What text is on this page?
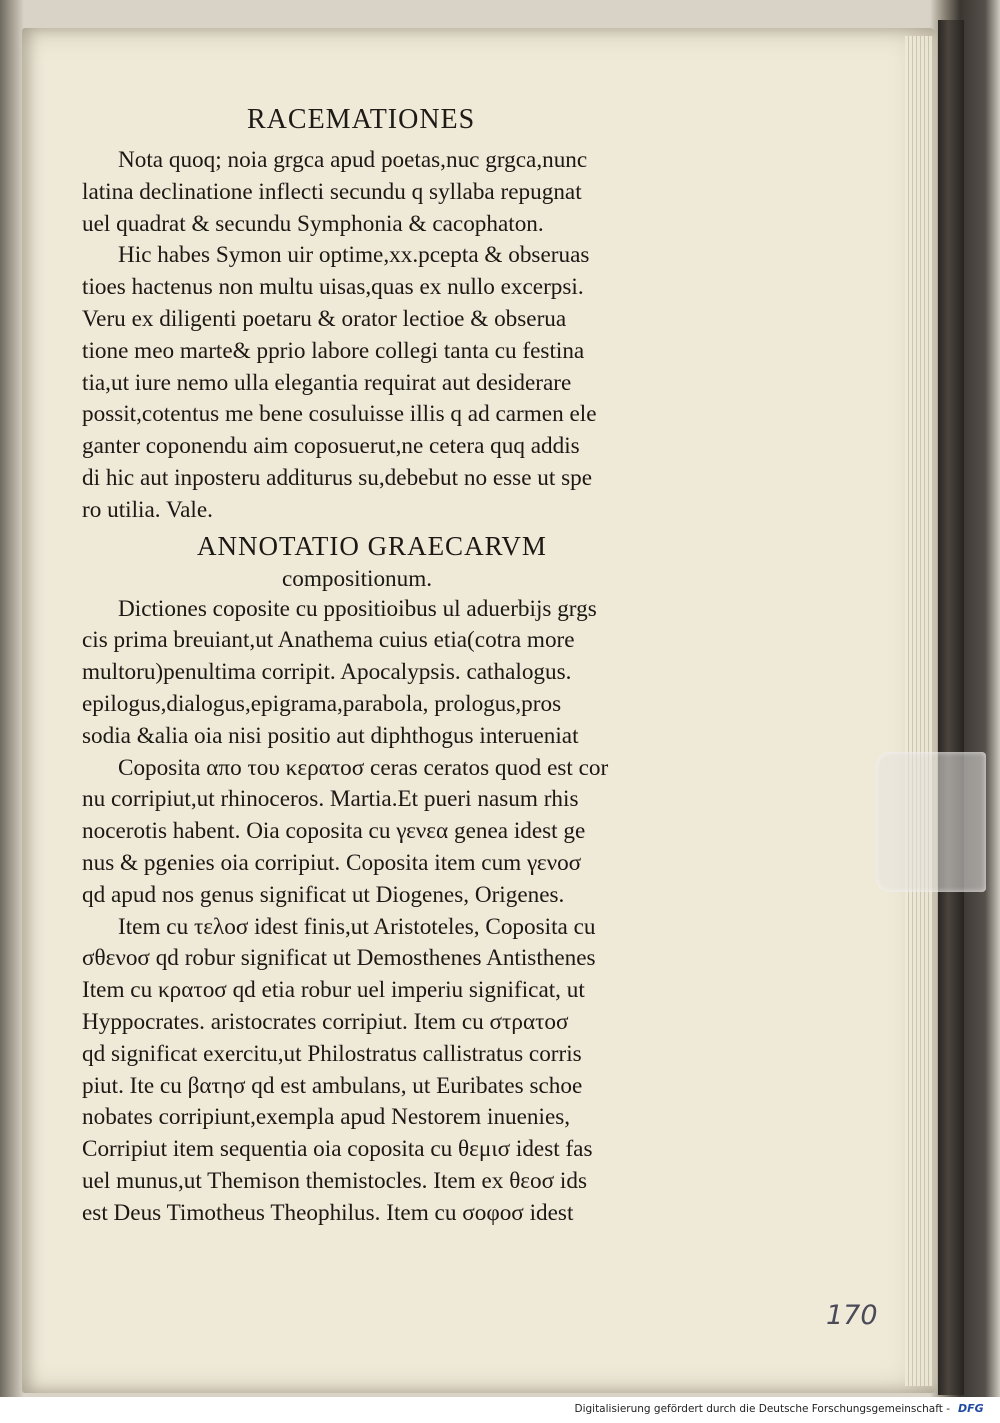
RACEMATIONES
Nota quoq; noia grgca apud poetas,nuc grgca,nunc
latina declinatione inflecti secundu q syllaba repugnat
uel quadrat & secundu Symphonia & cacophaton.
Hic habes Symon uir optime,xx.pcepta & obseruas
tioes hactenus non multu uisas,quas ex nullo excerpsi.
Veru ex diligenti poetaru & orator lectioe & obserua
tione meo marte& pprio labore collegi tanta cu festina
tia,ut iure nemo ulla elegantia requirat aut desiderare
possit,cotentus me bene cosuluisse illis q ad carmen ele
ganter coponendu aim coposuerut,ne cetera quq addis
di hic aut inposteru additurus su,debebut no esse ut spe
ro utilia. Vale.
ANNOTATIO GRAECARVM
compositionum.
Dictiones coposite cu ppositioibus ul aduerbijs grgs
cis prima breuiant,ut Anathema cuius etia(cotra more
multoru)penultima corripit. Apocalypsis. cathalogus.
epilogus,dialogus,epigrama,parabola, prologus,pros
sodia &alia oia nisi positio aut diphthogus interueniat
Coposita απο του κερατοσ ceras ceratos quod est cor
nu corripiut,ut rhinoceros. Martia.Et pueri nasum rhis
nocerotis habent. Oia coposita cu γενεα genea idest ge
nus & pgenies oia corripiut. Coposita item cum γενοσ
qd apud nos genus significat ut Diogenes, Origenes.
Item cu τελοσ idest finis,ut Aristoteles, Coposita cu
σθενοσ qd robur significat ut Demosthenes Antisthenes
Item cu κρατοσ qd etia robur uel imperiu significat, ut
Hyppocrates. aristocrates corripiut. Item cu στρατοσ
qd significat exercitu,ut Philostratus callistratus corris
piut. Ite cu βατησ qd est ambulans, ut Euribates schoe
nobates corripiunt,exempla apud Nestorem inuenies,
Corripiut item sequentia oia coposita cu θεμισ idest fas
uel munus,ut Themison themistocles. Item ex θεοσ ids
est Deus Timotheus Theophilus. Item cu σοφοσ idest
170
Digitalisierung gefördert durch die Deutsche Forschungsgemeinschaft - DFG
